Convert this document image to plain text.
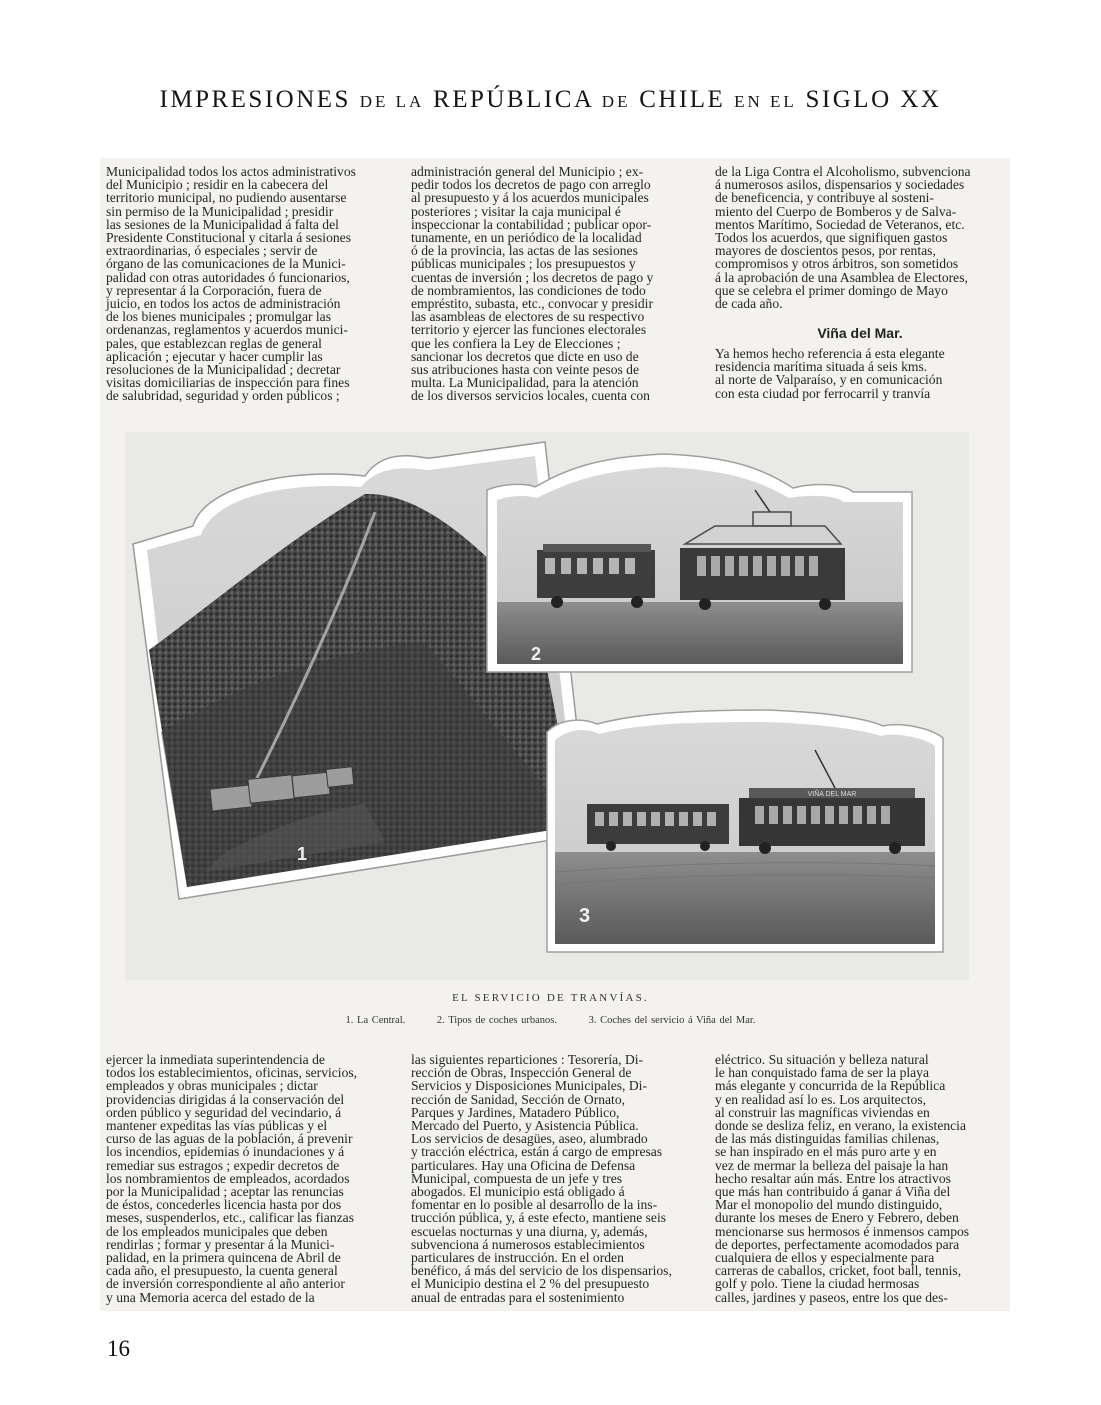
IMPRESIONES DE LA REPÚBLICA DE CHILE EN EL SIGLO XX
Municipalidad todos los actos administrativos
del Municipio ; residir en la cabecera del
territorio municipal, no pudiendo ausentarse
sin permiso de la Municipalidad ; presidir
las sesiones de la Municipalidad á falta del
Presidente Constitucional y citarla á sesiones
extraordinarias, ó especiales ; servir de
órgano de las comunicaciones de la Munici-
palidad con otras autoridades ó funcionarios,
y representar á la Corporación, fuera de
juicio, en todos los actos de administración
de los bienes municipales ; promulgar las
ordenanzas, reglamentos y acuerdos munici-
pales, que establezcan reglas de general
aplicación ; ejecutar y hacer cumplir las
resoluciones de la Municipalidad ; decretar
visitas domiciliarias de inspección para fines
de salubridad, seguridad y orden públicos ;
administración general del Municipio ; ex-
pedir todos los decretos de pago con arreglo
al presupuesto y á los acuerdos municipales
posteriores ; visitar la caja municipal é
inspeccionar la contabilidad ; publicar opor-
tunamente, en un periódico de la localidad
ó de la provincia, las actas de las sesiones
públicas municipales ; los presupuestos y
cuentas de inversión ; los decretos de pago y
de nombramientos, las condiciones de todo
empréstito, subasta, etc., convocar y presidir
las asambleas de electores de su respectivo
territorio y ejercer las funciones electorales
que les confiera la Ley de Elecciones ;
sancionar los decretos que dicte en uso de
sus atribuciones hasta con veinte pesos de
multa. La Municipalidad, para la atención
de los diversos servicios locales, cuenta con
de la Liga Contra el Alcoholismo, subvenciona
á numerosos asilos, dispensarios y sociedades
de beneficencia, y contribuye al sosteni-
miento del Cuerpo de Bomberos y de Salva-
mentos Marítimo, Sociedad de Veteranos, etc.
Todos los acuerdos, que signifiquen gastos
mayores de doscientos pesos, por rentas,
compromisos y otros árbitros, son sometidos
á la aprobación de una Asamblea de Electores,
que se celebra el primer domingo de Mayo
de cada año.
Viña del Mar.
Ya hemos hecho referencia á esta elegante
residencia marítima situada á seis kms.
al norte de Valparaíso, y en comunicación
con esta ciudad por ferrocarril y tranvía
1
2
VIÑA DEL MAR
3
EL SERVICIO DE TRANVÍAS.
1. La Central.	2. Tipos de coches urbanos.	3. Coches del servicio á Viña del Mar.
ejercer la inmediata superintendencia de
todos los establecimientos, oficinas, servicios,
empleados y obras municipales ; dictar
providencias dirigidas á la conservación del
orden público y seguridad del vecindario, á
mantener expeditas las vías públicas y el
curso de las aguas de la población, á prevenir
los incendios, epidemias ó inundaciones y á
remediar sus estragos ; expedir decretos de
los nombramientos de empleados, acordados
por la Municipalidad ; aceptar las renuncias
de éstos, concederles licencia hasta por dos
meses, suspenderlos, etc., calificar las fianzas
de los empleados municipales que deben
rendirlas ; formar y presentar á la Munici-
palidad, en la primera quincena de Abril de
cada año, el presupuesto, la cuenta general
de inversión correspondiente al año anterior
y una Memoria acerca del estado de la
las siguientes reparticiones : Tesorería, Di-
rección de Obras, Inspección General de
Servicios y Disposiciones Municipales, Di-
rección de Sanidad, Sección de Ornato,
Parques y Jardines, Matadero Público,
Mercado del Puerto, y Asistencia Pública.
Los servicios de desagües, aseo, alumbrado
y tracción eléctrica, están á cargo de empresas
particulares. Hay una Oficina de Defensa
Municipal, compuesta de un jefe y tres
abogados. El municipio está obligado á
fomentar en lo posible al desarrollo de la ins-
trucción pública, y, á este efecto, mantiene seis
escuelas nocturnas y una diurna, y, además,
subvenciona á numerosos establecimientos
particulares de instrucción. En el orden
benéfico, á más del servicio de los dispensarios,
el Municipio destina el 2 % del presupuesto
anual de entradas para el sostenimiento
eléctrico. Su situación y belleza natural
le han conquistado fama de ser la playa
más elegante y concurrida de la República
y en realidad así lo es. Los arquitectos,
al construir las magníficas viviendas en
donde se desliza feliz, en verano, la existencia
de las más distinguidas familias chilenas,
se han inspirado en el más puro arte y en
vez de mermar la belleza del paisaje la han
hecho resaltar aún más. Entre los atractivos
que más han contribuido á ganar á Viña del
Mar el monopolio del mundo distinguido,
durante los meses de Enero y Febrero, deben
mencionarse sus hermosos é inmensos campos
de deportes, perfectamente acomodados para
cualquiera de ellos y especialmente para
carreras de caballos, cricket, foot ball, tennis,
golf y polo. Tiene la ciudad hermosas
calles, jardines y paseos, entre los que des-
16
